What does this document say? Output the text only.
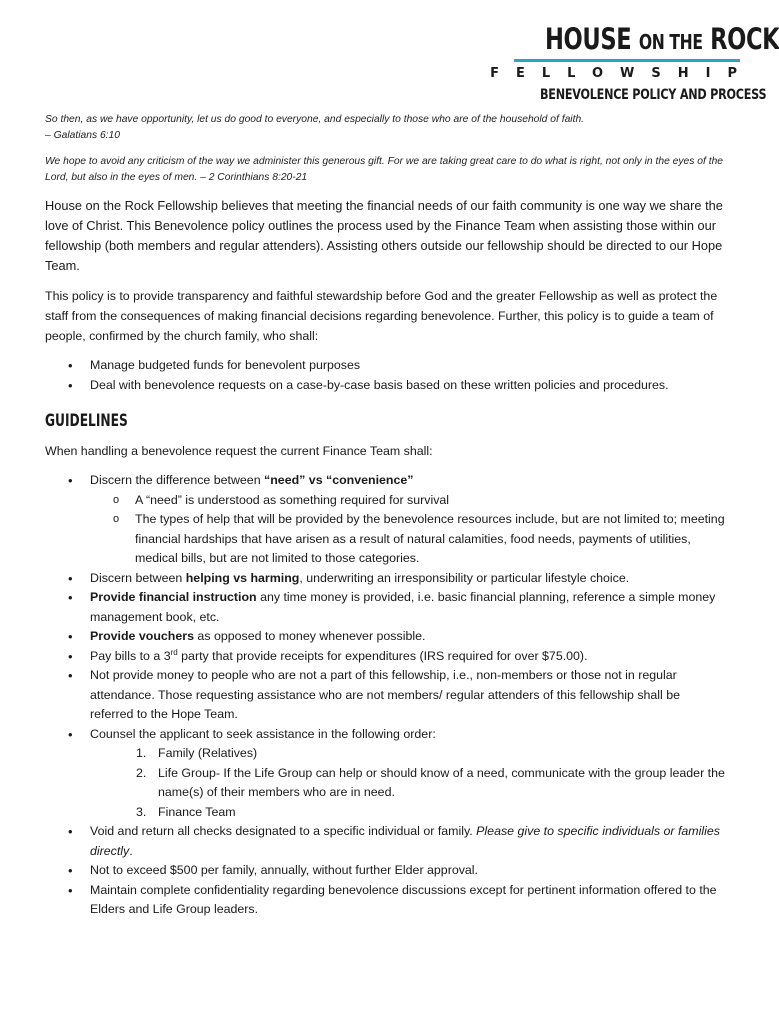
HOUSE ON THE ROCK
FELLOWSHIP
BENEVOLENCE POLICY AND PROCESS

So then, as we have opportunity, let us do good to everyone, and especially to those who are of the household of faith.
– Galatians 6:10

We hope to avoid any criticism of the way we administer this generous gift. For we are taking great care to do what is right, not only in the eyes of the Lord, but also in the eyes of men. – 2 Corinthians 8:20-21

House on the Rock Fellowship believes that meeting the financial needs of our faith community is one way we share the love of Christ. This Benevolence policy outlines the process used by the Finance Team when assisting those within our fellowship (both members and regular attenders). Assisting others outside our fellowship should be directed to our Hope Team.

This policy is to provide transparency and faithful stewardship before God and the greater Fellowship as well as protect the staff from the consequences of making financial decisions regarding benevolence. Further, this policy is to guide a team of people, confirmed by the church family, who shall:

• Manage budgeted funds for benevolent purposes
• Deal with benevolence requests on a case-by-case basis based on these written policies and procedures.
GUIDELINES

When handling a benevolence request the current Finance Team shall:

• Discern the difference between “need” vs “convenience”
o A “need” is understood as something required for survival
o The types of help that will be provided by the benevolence resources include, but are not limited to; meeting financial hardships that have arisen as a result of natural calamities, food needs, payments of utilities, medical bills, but are not limited to those categories.
• Discern between helping vs harming, underwriting an irresponsibility or particular lifestyle choice.
• Provide financial instruction any time money is provided, i.e. basic financial planning, reference a simple money management book, etc.
• Provide vouchers as opposed to money whenever possible.
• Pay bills to a 3rd party that provide receipts for expenditures (IRS required for over $75.00).
• Not provide money to people who are not a part of this fellowship, i.e., non-members or those not in regular attendance. Those requesting assistance who are not members/ regular attenders of this fellowship shall be referred to the Hope Team.
• Counsel the applicant to seek assistance in the following order:
1. Family (Relatives)
2. Life Group- If the Life Group can help or should know of a need, communicate with the group leader the name(s) of their members who are in need.
3. Finance Team
• Void and return all checks designated to a specific individual or family. Please give to specific individuals or families directly.
• Not to exceed $500 per family, annually, without further Elder approval.
• Maintain complete confidentiality regarding benevolence discussions except for pertinent information offered to the Elders and Life Group leaders.
